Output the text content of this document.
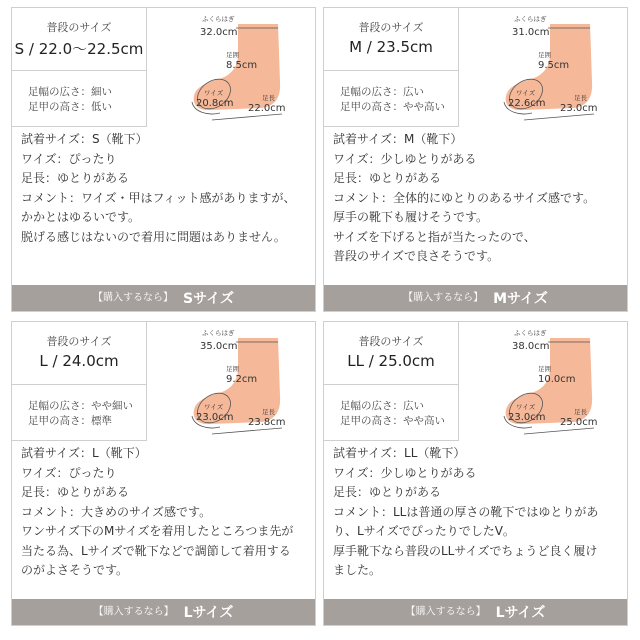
普段のサイズ
S / 22.0〜22.5cm
足幅の広さ：細い
足甲の高さ：低い
ふくらはぎ
32.0cm
足囲
8.5cm
ワイズ
20.8cm	足長
22.0cm
試着サイズ：S（靴下）
ワイズ：ぴったり
足長：ゆとりがある
コメント：ワイズ・甲はフィット感がありますが、
かかとはゆるいです。
脱げる感じはないので着用に問題はありません。
【購入するなら】 Sサイズ
普段のサイズ
M / 23.5cm
足幅の広さ：広い
足甲の高さ：やや高い
ふくらはぎ
31.0cm
足囲
9.5cm
ワイズ
22.6cm	足長
23.0cm
試着サイズ：M（靴下）
ワイズ：少しゆとりがある
足長：ゆとりがある
コメント：全体的にゆとりのあるサイズ感です。
厚手の靴下も履けそうです。
サイズを下げると指が当たったので、
普段のサイズで良さそうです。
【購入するなら】 Mサイズ
普段のサイズ
L / 24.0cm
足幅の広さ：やや細い
足甲の高さ：標準
ふくらはぎ
35.0cm
足囲
9.2cm
ワイズ
23.0cm	足長
23.8cm
試着サイズ：L（靴下）
ワイズ：ぴったり
足長：ゆとりがある
コメント：大きめのサイズ感です。
ワンサイズ下のMサイズを着用したところつま先が
当たる為、Lサイズで靴下などで調節して着用する
のがよさそうです。
【購入するなら】 Lサイズ
普段のサイズ
LL / 25.0cm
足幅の広さ：広い
足甲の高さ：やや高い
ふくらはぎ
38.0cm
足囲
10.0cm
ワイズ
23.0cm	足長
25.0cm
試着サイズ：LL（靴下）
ワイズ：少しゆとりがある
足長：ゆとりがある
コメント：LLは普通の厚さの靴下ではゆとりがあ
り、LサイズでぴったりでしたV。
厚手靴下なら普段のLLサイズでちょうど良く履け
ました。
【購入するなら】 Lサイズ
